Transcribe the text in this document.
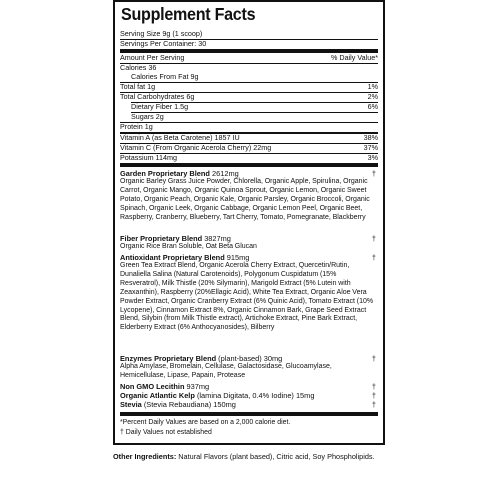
Supplement Facts
Serving Size 9g (1 scoop)
Servings Per Container: 30
Amount Per Serving	% Daily Value*
Calories 36
Calories From Fat 9g
Total fat 1g	1%
Total Carbohydrates 6g	2%
Dietary Fiber 1.5g	6%
Sugars 2g
Protein 1g
Vitamin A (as Beta Carotene) 1857 IU	38%
Vitamin C (From Organic Acerola Cherry) 22mg	37%
Potassium 114mg	3%
Garden Proprietary Blend 2612mg	†
Organic Barley Grass Juice Powder, Chlorella, Organic Apple, Spirulina, Organic Carrot, Organic Mango, Organic Quinoa Sprout, Organic Lemon, Organic Sweet Potato, Organic Peach, Organic Kale, Organic Parsley, Organic Broccoli, Organic Spinach, Organic Leek, Organic Cabbage, Organic Lemon Peel, Organic Beet, Raspberry, Cranberry, Blueberry, Tart Cherry, Tomato, Pomegranate, Blackberry
Fiber Proprietary Blend 3827mg	†
Organic Rice Bran Soluble, Oat Beta Glucan
Antioxidant Proprietary Blend 915mg	†
Green Tea Extract Blend, Organic Acerola Cherry Extract, Quercetin/Rutin, Dunaliella Salina (Natural Carotenoids), Polygonum Cuspidatum (15% Resveratrol), Milk Thistle (20% Silymarin), Marigold Extract (5% Lutein with Zeaxanthin), Raspberry (20%Ellagic Acid), White Tea Extract, Organic Aloe Vera Powder Extract, Organic Cranberry Extract (6% Quinic Acid), Tomato Extract (10% Lycopene), Cinnamon Extract 8%, Organic Cinnamon Bark, Grape Seed Extract Blend, Silybin (from Milk Thistle extract), Artichoke Extract, Pine Bark Extract, Elderberry Extract (6% Anthocyanosides), Bilberry
Enzymes Proprietary Blend (plant-based) 30mg	†
Alpha Amylase, Bromelain, Cellulase, Galactosidase, Glucoamylase, Hemicellulase, Lipase, Papain, Protease
Non GMO Lecithin 937mg	†
Organic Atlantic Kelp (lamina Digitata, 0.4% Iodine) 15mg	†
Stevia (Stevia Rebaudiana) 150mg	†
*Percent Daily Values are based on a 2,000 calorie diet.
† Daily Values not established
Other Ingredients: Natural Flavors (plant based), Citric acid, Soy Phospholipids.
